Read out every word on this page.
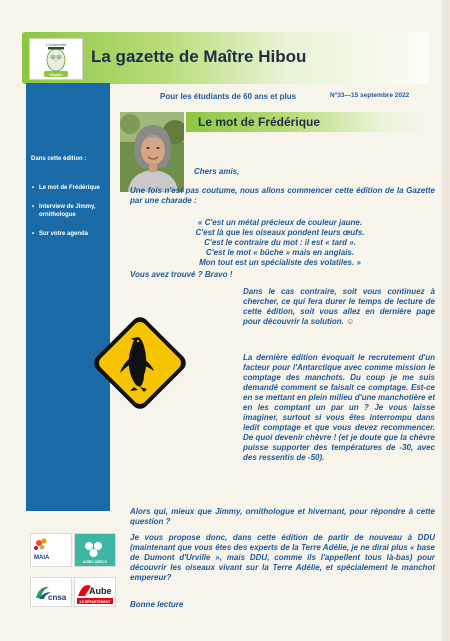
L'Université
Séguin
La gazette de Maître Hibou
Pour les étudiants de 60 ans et plus	N°33—15 septembre 2022
Dans cette édition :
• Le mot de Frédérique
• Interview de Jimmy, ornithologue
• Sur votre agenda
Le mot de Frédérique
Chers amis,
Une fois n'est pas coutume, nous allons commencer cette édition de la Gazette par une charade :
« C'est un métal précieux de couleur jaune.
C'est là que les oiseaux pondent leurs œufs.
C'est le contraire du mot : il est « tard ».
C'est le mot « bûche » mais en anglais.
Mon tout est un spécialiste des volatiles. »
Vous avez trouvé ? Bravo !
Dans le cas contraire, soit vous continuez à chercher, ce qui fera durer le temps de lecture de cette édition, soit vous allez en dernière page pour découvrir la solution. ☺
La dernière édition évoquait le recrutement d'un facteur pour l'Antarctique avec comme mission le comptage des manchots. Du coup je me suis demandé comment se faisait ce comptage. Est-ce en se mettant en plein milieu d'une manchotière et en les comptant un par un ? Je vous laisse imaginer, surtout si vous êtes interrompu dans ledit comptage et que vous devez recommencer. De quoi devenir chèvre ! (et je doute que la chèvre puisse supporter des températures de -30, avec des ressentis de -50).
Alors qui, mieux que Jimmy, ornithologue et hivernant, pour répondre à cette question ?
Je vous propose donc, dans cette édition de partir de nouveau à DDU (maintenant que vous êtes des experts de la Terre Adélie, je ne dirai plus « base de Dumont d'Urville », mais DDU, comme ils l'appellent tous là-bas) pour découvrir les oiseaux vivant sur la Terre Adélie, et spécialement le manchot empereur?
Bonne lecture
MAIA
AGIRC ARRCO
cnsa
Aube
LE DÉPARTEMENT
